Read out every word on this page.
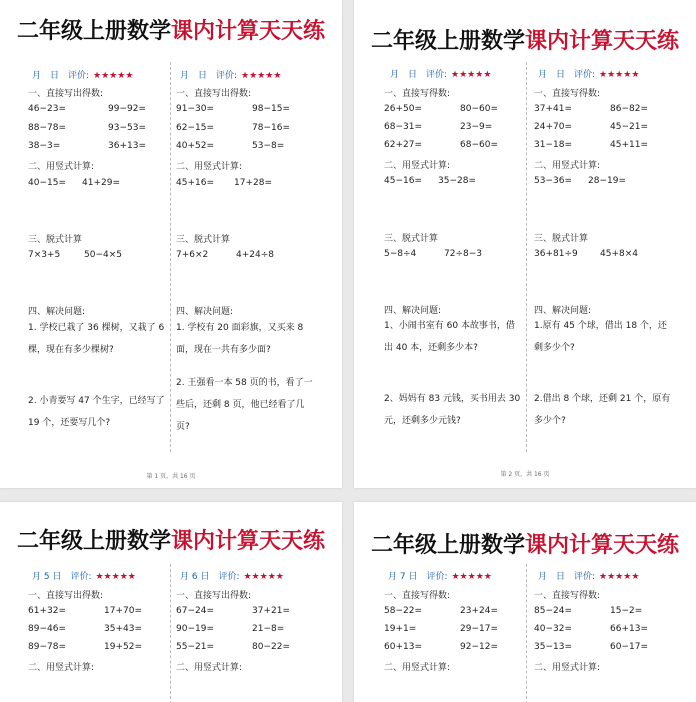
二年级上册数学课内计算天天练
月　日　评价: ★★★★★
一、直接写出得数:
46−23=	99−92=
88−78=	93−53=
38−3=	36+13=
二、用竖式计算:
40−15= 41+29=
三、脱式计算
7×3+5	50−4×5
四、解决问题:
1. 学校已栽了 36 棵树，又栽了 6 棵，现在有多少棵树?
2. 小青要写 47 个生字，已经写了 19 个，还要写几个?
月　日　评价: ★★★★★
一、直接写出得数:
91−30=	98−15=
62−15=	78−16=
40+52=	53−8=
二、用竖式计算:
45+16= 17+28=
三、脱式计算
7+6×2	4+24÷8
四、解决问题:
1. 学校有 20 面彩旗，又买来 8 面，现在一共有多少面?
2. 王强看一本 58 页的书，看了一些后，还剩 8 页，他已经看了几页?
第 1 页，共 16 页
二年级上册数学课内计算天天练
月　日　评价: ★★★★★
一、直接写得数:
26+50=	80−60=
68−31=	23−9=
62+27=	68−60=
二、用竖式计算:
45−16= 35−28=
三、脱式计算
5−8÷4	72÷8−3
四、解决问题:
1、小闹书室有 60 本故事书，借出 40 本，还剩多少本?
2、妈妈有 83 元钱，买书用去 30 元，还剩多少元钱?
月　日　评价: ★★★★★
一、直接写得数:
37+41=	86−82=
24+70=	45−21=
31−18=	45+11=
二、用竖式计算:
53−36= 28−19=
三、脱式计算
36+81÷9 45+8×4
四、解决问题:
1.原有 45 个球，借出 18 个，还剩多少个?
2.借出 8 个球，还剩 21 个，原有多少个?
第 2 页，共 16 页
二年级上册数学课内计算天天练
月 5 日　评价: ★★★★★
一、直接写出得数:
61+32=	17+70=
89−46=	35+43=
89−78=	19+52=
二、用竖式计算:
月 6 日　评价: ★★★★★
一、直接写出得数:
67−24=	37+21=
90−19=	21−8=
55−21=	80−22=
二、用竖式计算:
二年级上册数学课内计算天天练
月 7 日　评价: ★★★★★
一、直接写得数:
58−22=	23+24=
19+1=	29−17=
60+13=	92−12=
二、用竖式计算:
月　日　评价: ★★★★★
一、直接写得数:
85−24=	15−2=
40−32=	66+13=
35−13=	60−17=
二、用竖式计算:
